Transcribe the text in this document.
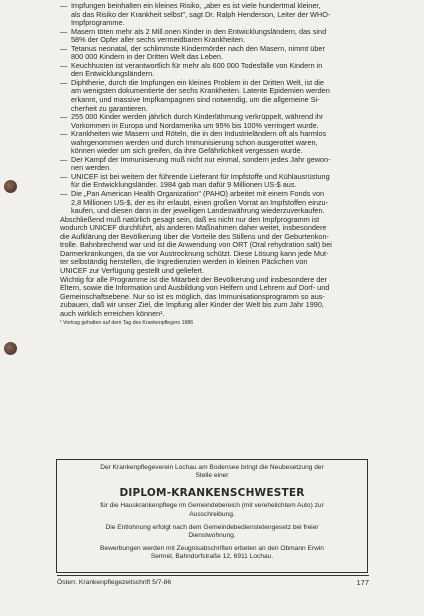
— Impfungen beinhalten ein kleines Risiko, „aber es ist viele hundertmal kleiner,
als das Risiko der Krankheit selbst", sagt Dr. Ralph Henderson, Leiter der WHO-
Impfprogramme.
— Masern töten mehr als 2 Mill.onen Kinder in den Entwicklungsländern, das sind
58% der Opfer aller sechs vermeidbaren Krankheiten.
— Tetanus neonatal, der schlimmste Kindermörder nach den Masern, nimmt über
800 000 Kindern in der Dritten Welt das Leben.
— Keuchhusten ist verantwortlich für mehr als 600 000 Todesfälle von Kindern in
den Entwicklungsländern.
— Diphtherie, durch die Impfungen ein kleines Problem in der Dritten Welt, ist die
am wenigsten dokumentierte der sechs Krankheiten. Latente Epidemien werden
erkannt, und massive Impfkampagnen sind notwendig, um die allgemeine Si-
cherheit zu garantieren.
— 255 000 Kinder werden jährlich durch Kinderlähmung verkrüppelt, während ihr
Vorkommen in Europa und Nordamerika um 95% bis 100% verringert wurde.
— Krankheiten wie Masern und Röteln, die in den Industrieländern oft als harmlos
wahrgenommen werden und durch Immunisierung schon ausgerottet waren,
können wieder um sich greifen, da ihre Gefährlichkeit vergessen wurde.
— Der Kampf der Immunisierung muß nicht nur einmal, sondern jedes Jahr gewon-
nen werden.
— UNICEF ist bei weitem der führende Lieferant für Impfstoffe und Kühlausrüstung
für die Entwicklungsländer. 1984 gab man dafür 9 Millionen US-$ aus.
— Die „Pan American Health Organization" (PAHO) arbeitet mit einem Fonds von
2,8 Millionen US-$, der es ihr erlaubt, einen großen Vorrat an Impfstoffen einzu-
kaufen, und diesen dann in der jeweiligen Landeswährung wiederzuverkaufen.
Abschließend muß natürlich gesagt sein, daß es nicht nur den Impfprogramm ist
wodurch UNICEF durchführt, als anderen Maßnahmen daher weitet, insbesondere
die Aufklärung der Bevölkerung über die Vorteile des Stillens und der Geburtenkon-
trolle. Bahnbrechend war und ist die Anwendung von ORT (Oral rehydration salt) bei
Darmerkrankungen, da sie vor Austrocknung schützt. Diese Lösung kann jede Mut-
ter selbständig herstellen, die Ingredienzien werden in kleinen Päckchen von
UNICEF zur Verfügung gestellt und geliefert.
Wichtig für alle Programme ist die Mitarbeit der Bevölkerung und insbesondere der
Eltern, sowie die Information und Ausbildung von Helfern und Lehrern auf Dorf- und
Gemeinschaftsebene. Nur so ist es möglich, das Immunisationsprogramm so aus-
zubauen, daß wir unser Ziel, die Impfung aller Kinder der Welt bis zum Jahr 1990,
auch wirklich erreichen können¹.
¹ Vortrag gehalten auf dem Tag des Krankenpflegers 1986
Der Krankenpflegeverein Lochau am Bodensee bringt die Neubesetzung der
Stelle einer
DIPLOM-KRANKENSCHWESTER
für die Hauskrankenpflege im Gemeindebereich (mit verehelichtem Auto) zur
Ausschreibung.
Die Entlohnung erfolgt nach dem Gemeindebedienstetengesetz bei freier
Dienstwohnung.
Bewerbungen werden mit Zeugnisabschriften erbeten an den Obmann Erwin
Semrel, Bahndorfstraße 12, 6911 Lochau.
Österr. Krankenpflegezeitschrift 5/7-86	177
